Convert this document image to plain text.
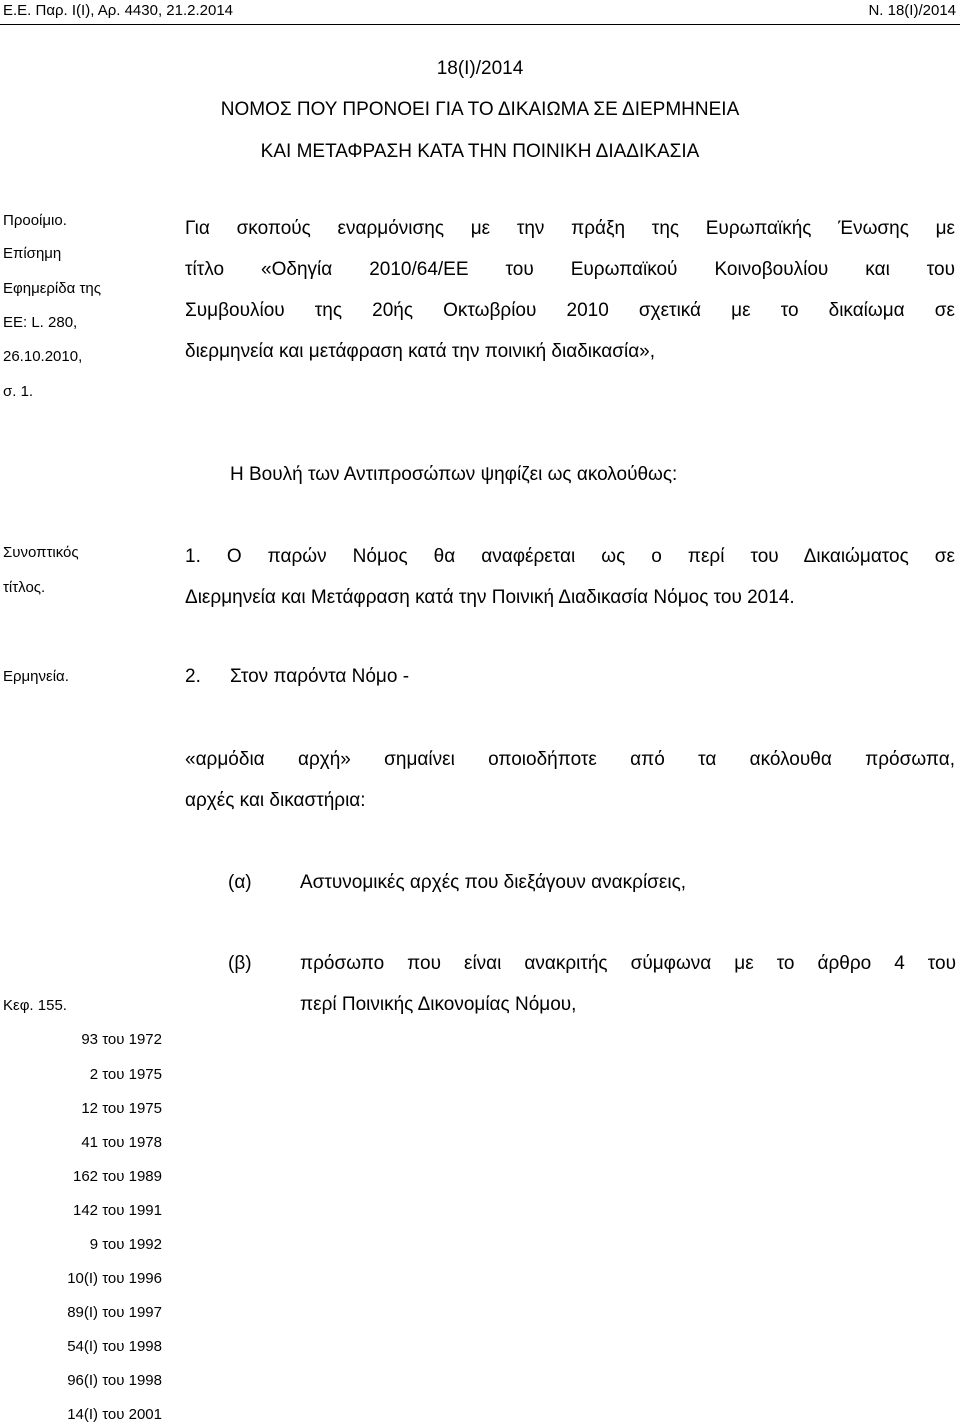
Ε.Ε. Παρ. Ι(Ι), Αρ. 4430, 21.2.2014	Ν. 18(Ι)/2014
18(Ι)/2014
ΝΟΜΟΣ ΠΟΥ ΠΡΟΝΟΕΙ ΓΙΑ ΤΟ ΔΙΚΑΙΩΜΑ ΣΕ ΔΙΕΡΜΗΝΕΙΑ
ΚΑΙ ΜΕΤΑΦΡΑΣΗ ΚΑΤΑ ΤΗΝ ΠΟΙΝΙΚΗ ΔΙΑΔΙΚΑΣΙΑ
Προοίμιο.
Επίσημη
Εφημερίδα της
ΕΕ: L. 280,
26.10.2010,
σ. 1.
Για σκοπούς εναρμόνισης με την πράξη της Ευρωπαϊκής Ένωσης με
τίτλο «Οδηγία 2010/64/ΕΕ του Ευρωπαϊκού Κοινοβουλίου και του
Συμβουλίου της 20ής Οκτωβρίου 2010 σχετικά με το δικαίωμα σε
διερμηνεία και μετάφραση κατά την ποινική διαδικασία»,
Η Βουλή των Αντιπροσώπων ψηφίζει ως ακολούθως:
Συνοπτικός
τίτλος.
1. Ο παρών Νόμος θα αναφέρεται ως ο περί του Δικαιώματος σε
Διερμηνεία και Μετάφραση κατά την Ποινική Διαδικασία Νόμος του 2014.
Ερμηνεία.	2. Στον παρόντα Νόμο -
«αρμόδια αρχή» σημαίνει οποιοδήποτε από τα ακόλουθα πρόσωπα,
αρχές και δικαστήρια:
(α)	Αστυνομικές αρχές που διεξάγουν ανακρίσεις,
(β)	πρόσωπο που είναι ανακριτής σύμφωνα με το άρθρο 4 του
περί Ποινικής Δικονομίας Νόμου,
Κεφ. 155.
93 του 1972
2 του 1975
12 του 1975
41 του 1978
162 του 1989
142 του 1991
9 του 1992
10(Ι) του 1996
89(Ι) του 1997
54(Ι) του 1998
96(Ι) του 1998
14(Ι) του 2001
